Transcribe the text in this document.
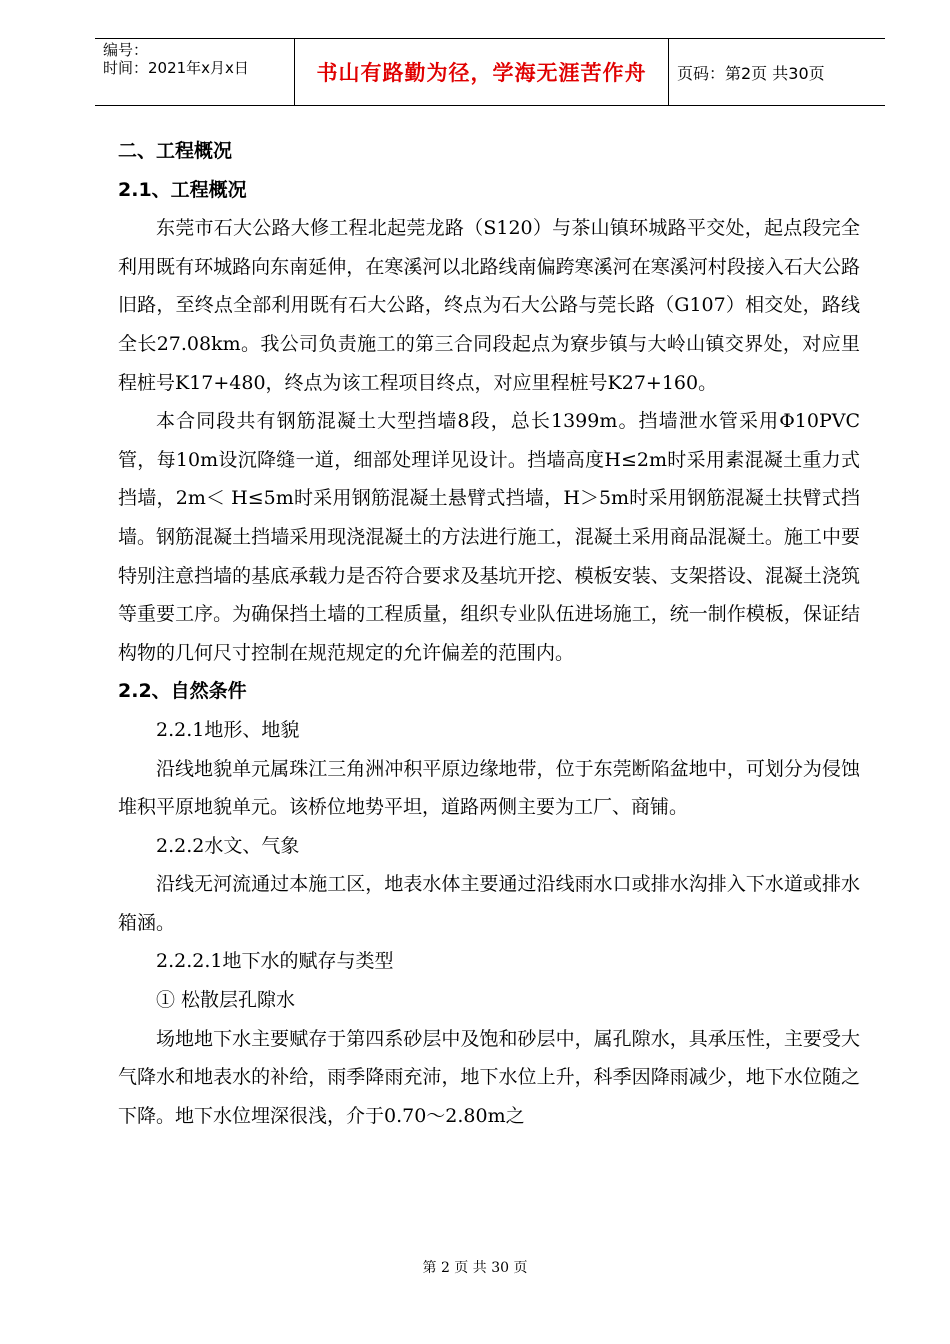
编号：
时间：2021年x月x日	书山有路勤为径，学海无涯苦作舟	页码：第2页 共30页

二、工程概况

2.1、工程概况

东莞市石大公路大修工程北起莞龙路（S120）与茶山镇环城路平交处，起点段完全利用既有环城路向东南延伸，在寒溪河以北路线南偏跨寒溪河在寒溪河村段接入石大公路旧路，至终点全部利用既有石大公路，终点为石大公路与莞长路（G107）相交处，路线全长27.08km。我公司负责施工的第三合同段起点为寮步镇与大岭山镇交界处，对应里程桩号K17+480，终点为该工程项目终点，对应里程桩号K27+160。

本合同段共有钢筋混凝土大型挡墙8段，总长1399m。挡墙泄水管采用Φ10PVC管，每10m设沉降缝一道，细部处理详见设计。挡墙高度H≤2m时采用素混凝土重力式挡墙，2m＜ H≤5m时采用钢筋混凝土悬臂式挡墙，H＞5m时采用钢筋混凝土扶臂式挡墙。钢筋混凝土挡墙采用现浇混凝土的方法进行施工，混凝土采用商品混凝土。施工中要特别注意挡墙的基底承载力是否符合要求及基坑开挖、模板安装、支架搭设、混凝土浇筑等重要工序。为确保挡土墙的工程质量，组织专业队伍进场施工，统一制作模板，保证结构物的几何尺寸控制在规范规定的允许偏差的范围内。

2.2、自然条件

2.2.1地形、地貌

沿线地貌单元属珠江三角洲冲积平原边缘地带，位于东莞断陷盆地中，可划分为侵蚀堆积平原地貌单元。该桥位地势平坦，道路两侧主要为工厂、商铺。

2.2.2水文、气象

沿线无河流通过本施工区，地表水体主要通过沿线雨水口或排水沟排入下水道或排水箱涵。

2.2.2.1地下水的赋存与类型

① 松散层孔隙水

场地地下水主要赋存于第四系砂层中及饱和砂层中，属孔隙水，具承压性，主要受大气降水和地表水的补给，雨季降雨充沛，地下水位上升，科季因降雨减少，地下水位随之下降。地下水位埋深很浅，介于0.70～2.80m之

第 2 页 共 30 页
